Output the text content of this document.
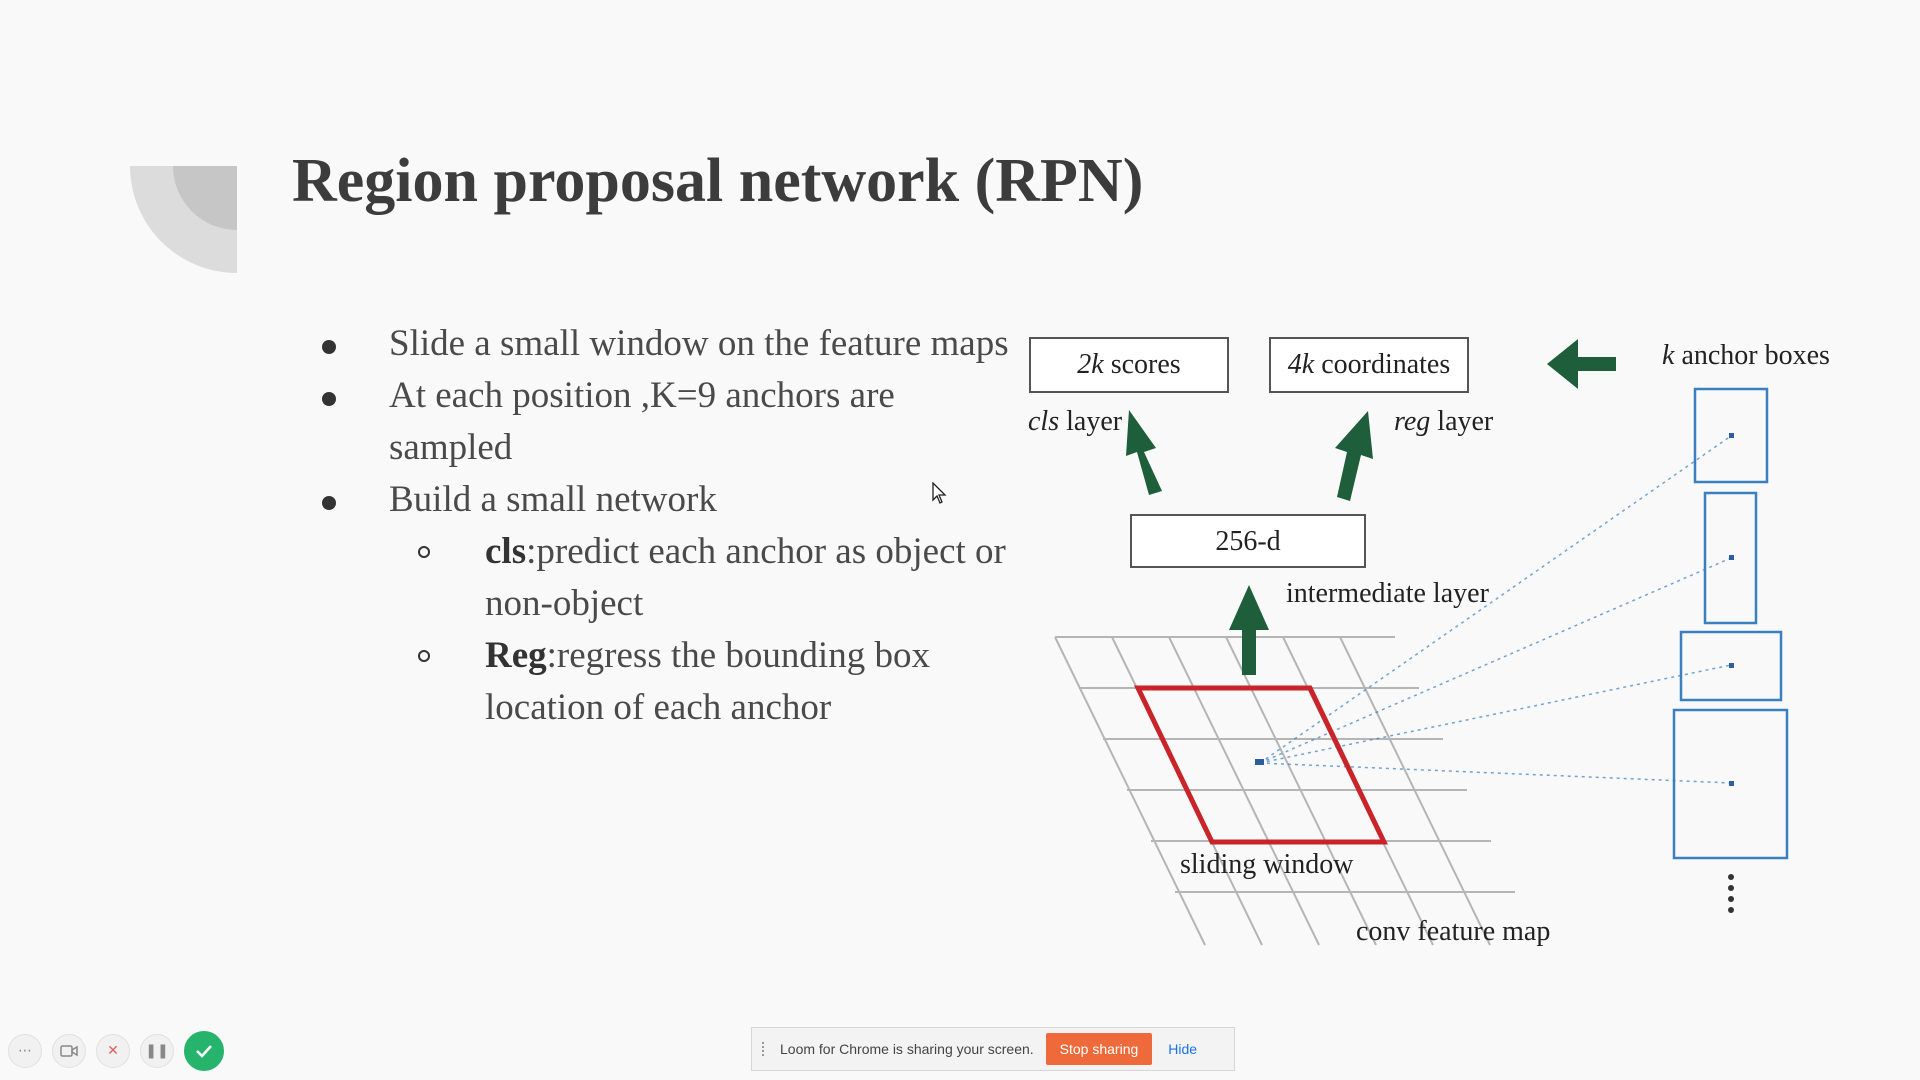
Region proposal network (RPN)
Slide a small window on the feature maps
At each position ,K=9 anchors are sampled
Build a small network
cls:predict each anchor as object or non-object
Reg:regress the bounding box location of each anchor
2k scores	4k coordinates
cls layer	reg layer
256-d
intermediate layer
k anchor boxes
sliding window
conv feature map
⋯	✕	❚❚	Loom for Chrome is sharing your screen.	Stop sharing	Hide
